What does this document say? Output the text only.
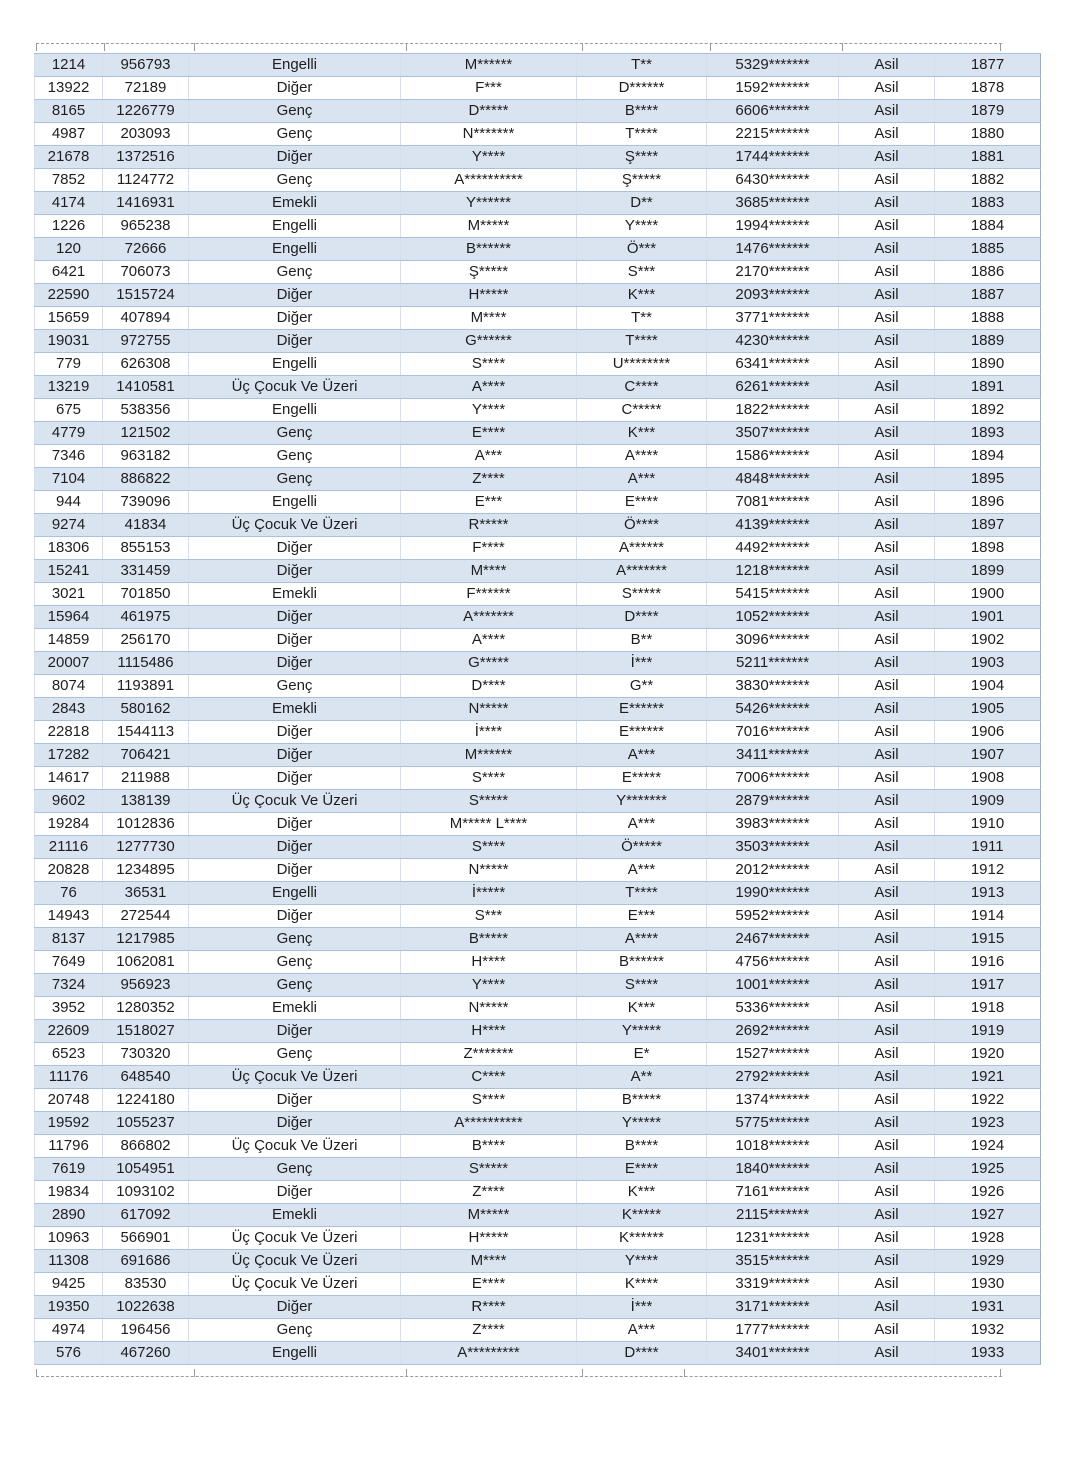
1214	956793	Engelli	M******	T**	5329*******	Asil	1877
13922	72189	Diğer	F***	D******	1592*******	Asil	1878
8165	1226779	Genç	D*****	B****	6606*******	Asil	1879
4987	203093	Genç	N*******	T****	2215*******	Asil	1880
21678	1372516	Diğer	Y****	Ş****	1744*******	Asil	1881
7852	1124772	Genç	A**********	Ş*****	6430*******	Asil	1882
4174	1416931	Emekli	Y******	D**	3685*******	Asil	1883
1226	965238	Engelli	M*****	Y****	1994*******	Asil	1884
120	72666	Engelli	B******	Ö***	1476*******	Asil	1885
6421	706073	Genç	Ş*****	S***	2170*******	Asil	1886
22590	1515724	Diğer	H*****	K***	2093*******	Asil	1887
15659	407894	Diğer	M****	T**	3771*******	Asil	1888
19031	972755	Diğer	G******	T****	4230*******	Asil	1889
779	626308	Engelli	S****	U********	6341*******	Asil	1890
13219	1410581	Üç Çocuk Ve Üzeri	A****	C****	6261*******	Asil	1891
675	538356	Engelli	Y****	C*****	1822*******	Asil	1892
4779	121502	Genç	E****	K***	3507*******	Asil	1893
7346	963182	Genç	A***	A****	1586*******	Asil	1894
7104	886822	Genç	Z****	A***	4848*******	Asil	1895
944	739096	Engelli	E***	E****	7081*******	Asil	1896
9274	41834	Üç Çocuk Ve Üzeri	R*****	Ö****	4139*******	Asil	1897
18306	855153	Diğer	F****	A******	4492*******	Asil	1898
15241	331459	Diğer	M****	A*******	1218*******	Asil	1899
3021	701850	Emekli	F******	S*****	5415*******	Asil	1900
15964	461975	Diğer	A*******	D****	1052*******	Asil	1901
14859	256170	Diğer	A****	B**	3096*******	Asil	1902
20007	1115486	Diğer	G*****	İ***	5211*******	Asil	1903
8074	1193891	Genç	D****	G**	3830*******	Asil	1904
2843	580162	Emekli	N*****	E******	5426*******	Asil	1905
22818	1544113	Diğer	İ****	E******	7016*******	Asil	1906
17282	706421	Diğer	M******	A***	3411*******	Asil	1907
14617	211988	Diğer	S****	E*****	7006*******	Asil	1908
9602	138139	Üç Çocuk Ve Üzeri	S*****	Y*******	2879*******	Asil	1909
19284	1012836	Diğer	M***** L****	A***	3983*******	Asil	1910
21116	1277730	Diğer	S****	Ö*****	3503*******	Asil	1911
20828	1234895	Diğer	N*****	A***	2012*******	Asil	1912
76	36531	Engelli	İ*****	T****	1990*******	Asil	1913
14943	272544	Diğer	S***	E***	5952*******	Asil	1914
8137	1217985	Genç	B*****	A****	2467*******	Asil	1915
7649	1062081	Genç	H****	B******	4756*******	Asil	1916
7324	956923	Genç	Y****	S****	1001*******	Asil	1917
3952	1280352	Emekli	N*****	K***	5336*******	Asil	1918
22609	1518027	Diğer	H****	Y*****	2692*******	Asil	1919
6523	730320	Genç	Z*******	E*	1527*******	Asil	1920
11176	648540	Üç Çocuk Ve Üzeri	C****	A**	2792*******	Asil	1921
20748	1224180	Diğer	S****	B*****	1374*******	Asil	1922
19592	1055237	Diğer	A**********	Y*****	5775*******	Asil	1923
11796	866802	Üç Çocuk Ve Üzeri	B****	B****	1018*******	Asil	1924
7619	1054951	Genç	S*****	E****	1840*******	Asil	1925
19834	1093102	Diğer	Z****	K***	7161*******	Asil	1926
2890	617092	Emekli	M*****	K*****	2115*******	Asil	1927
10963	566901	Üç Çocuk Ve Üzeri	H*****	K******	1231*******	Asil	1928
11308	691686	Üç Çocuk Ve Üzeri	M****	Y****	3515*******	Asil	1929
9425	83530	Üç Çocuk Ve Üzeri	E****	K****	3319*******	Asil	1930
19350	1022638	Diğer	R****	İ***	3171*******	Asil	1931
4974	196456	Genç	Z****	A***	1777*******	Asil	1932
576	467260	Engelli	A*********	D****	3401*******	Asil	1933
